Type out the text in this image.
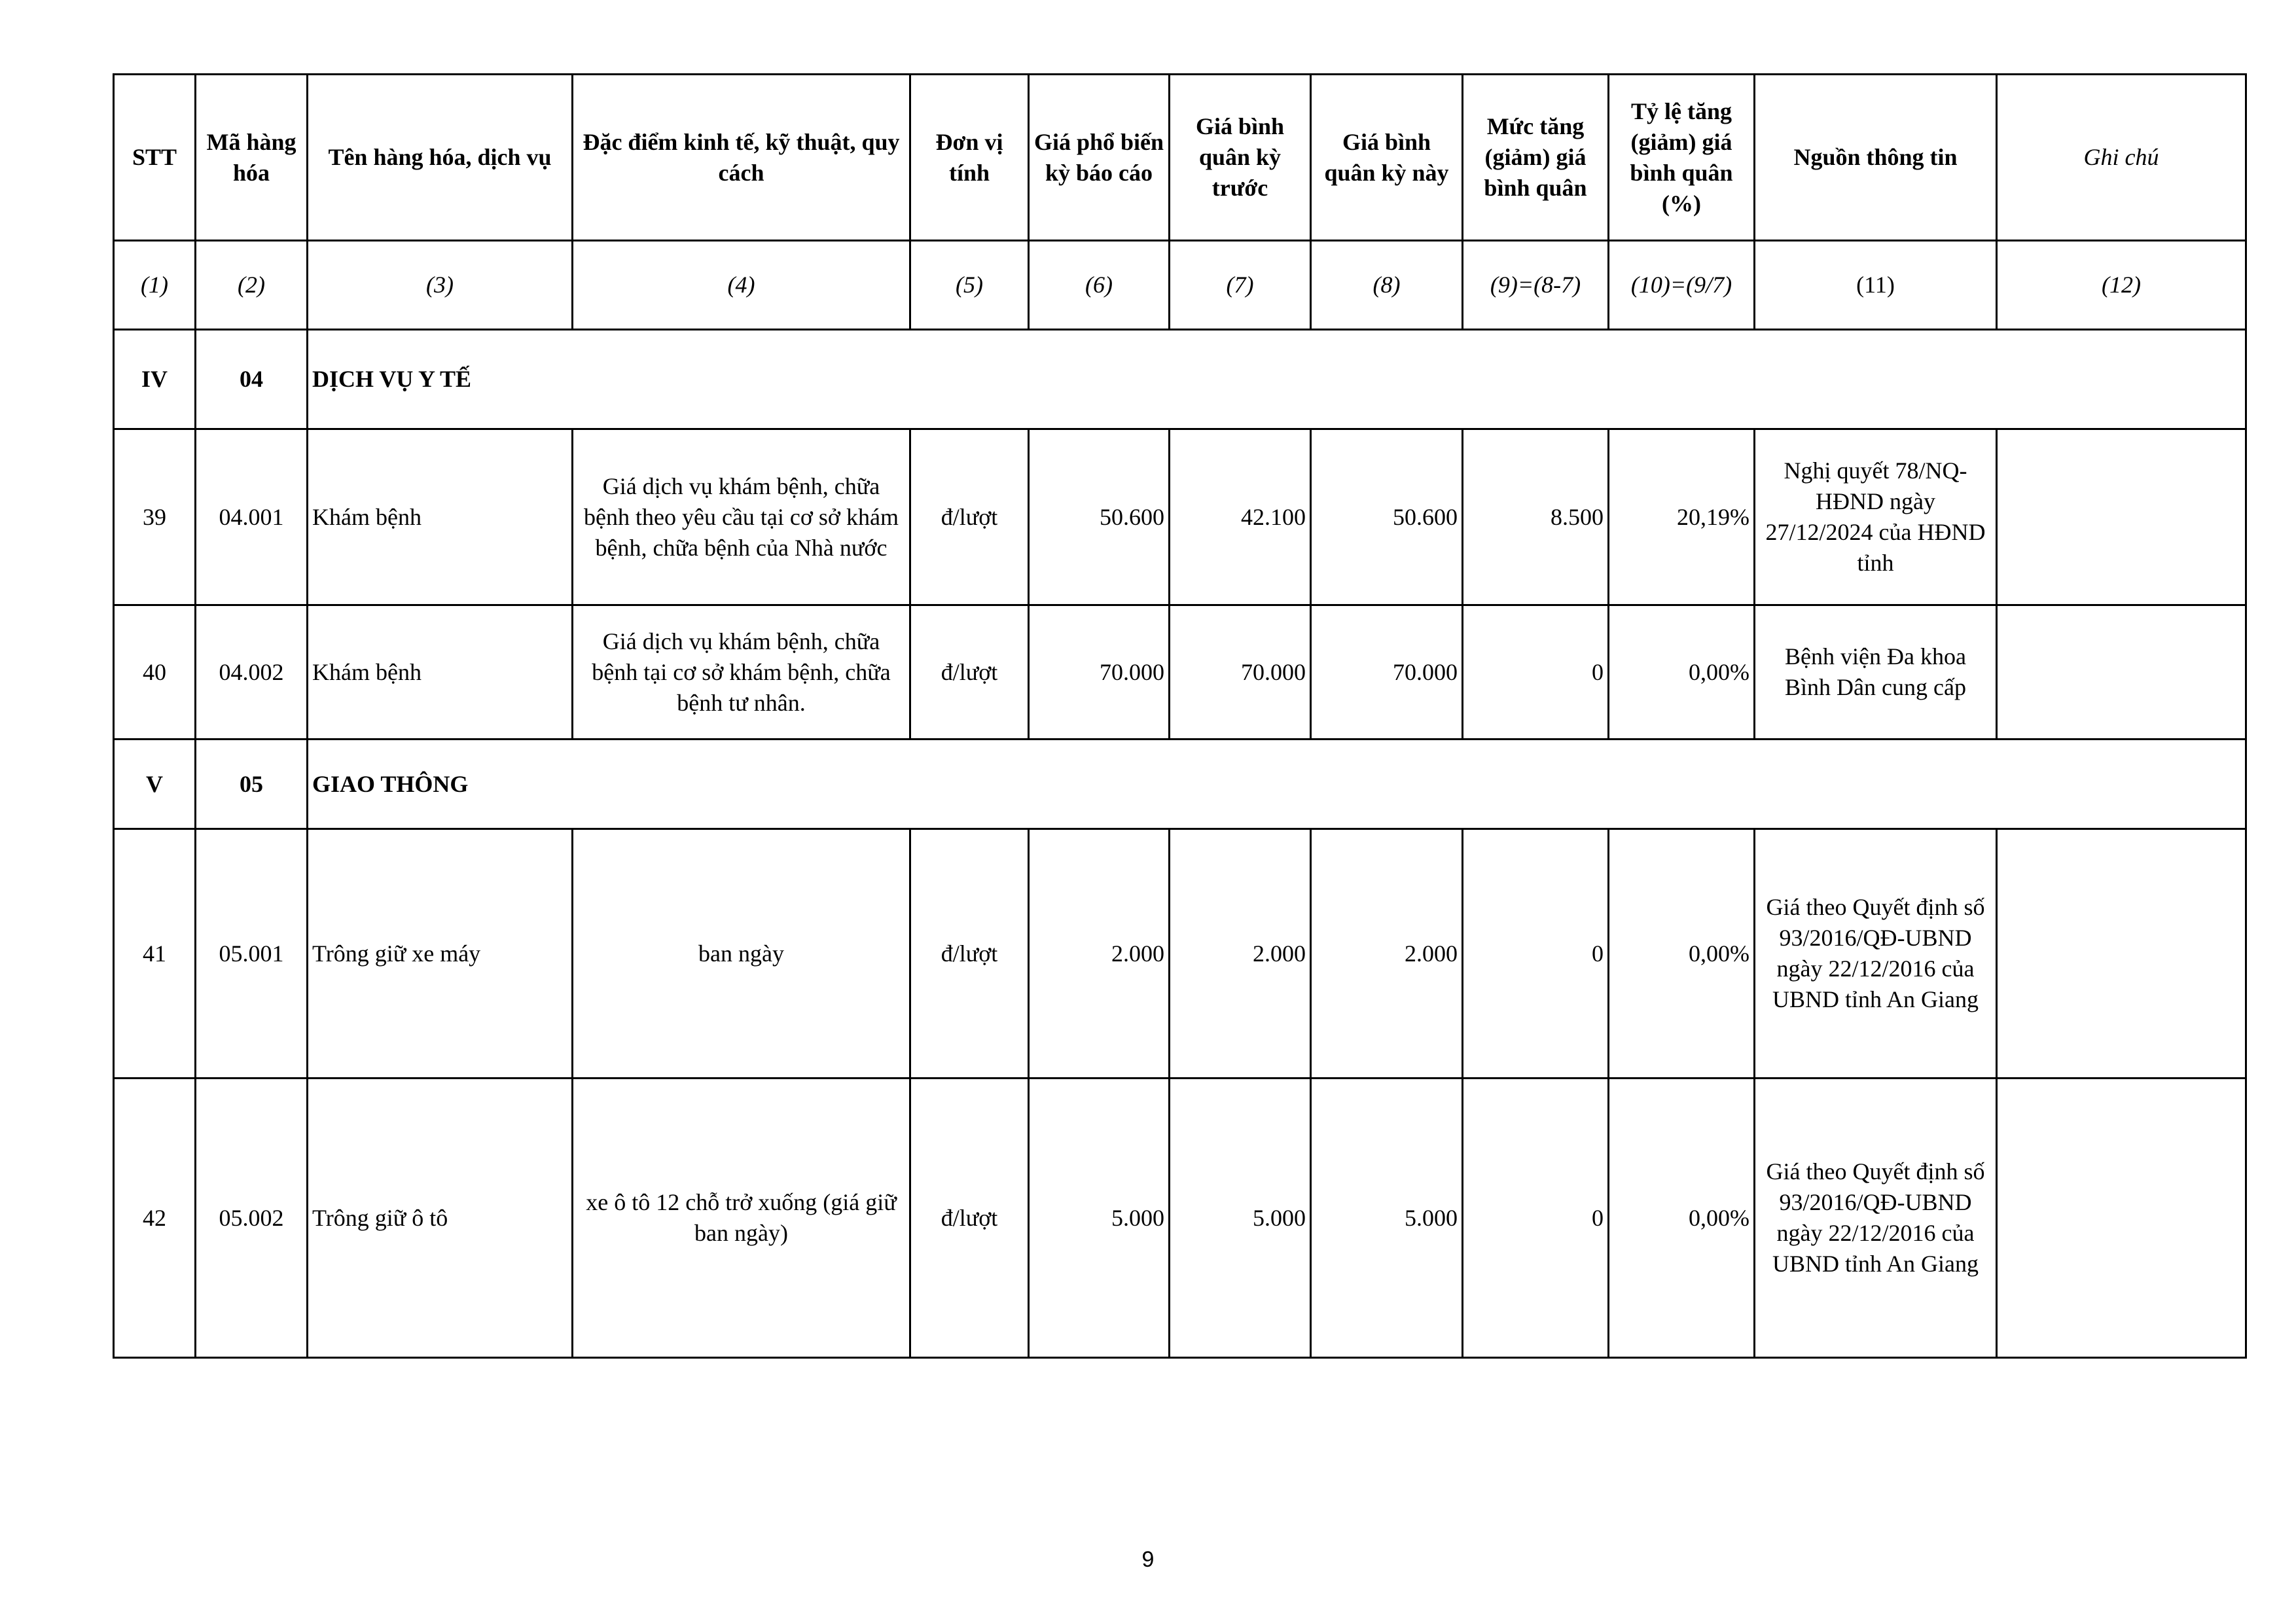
STT	Mã hàng hóa	Tên hàng hóa, dịch vụ	Đặc điểm kinh tế, kỹ thuật, quy cách	Đơn vị tính	Giá phổ biến kỳ báo cáo	Giá bình quân kỳ trước	Giá bình quân kỳ này	Mức tăng (giảm) giá bình quân	Tỷ lệ tăng (giảm) giá bình quân (%)	Nguồn thông tin	Ghi chú
(1)	(2)	(3)	(4)	(5)	(6)	(7)	(8)	(9)=(8-7)	(10)=(9/7)	(11)	(12)
IV	04	DỊCH VỤ Y TẾ									
39	04.001	Khám bệnh	Giá dịch vụ khám bệnh, chữa bệnh theo yêu cầu tại cơ sở khám bệnh, chữa bệnh của Nhà nước	đ/lượt	50.600	42.100	50.600	8.500	20,19%	Nghị quyết 78/NQ-HĐND ngày 27/12/2024 của HĐND tỉnh	
40	04.002	Khám bệnh	Giá dịch vụ khám bệnh, chữa bệnh tại cơ sở khám bệnh, chữa bệnh tư nhân.	đ/lượt	70.000	70.000	70.000	0	0,00%	Bệnh viện Đa khoa Bình Dân cung cấp	
V	05	GIAO THÔNG									
41	05.001	Trông giữ xe máy	ban ngày	đ/lượt	2.000	2.000	2.000	0	0,00%	Giá theo Quyết định số 93/2016/QĐ-UBND ngày 22/12/2016 của UBND tỉnh An Giang	
42	05.002	Trông giữ ô tô	xe ô tô 12 chỗ trở xuống (giá giữ ban ngày)	đ/lượt	5.000	5.000	5.000	0	0,00%	Giá theo Quyết định số 93/2016/QĐ-UBND ngày 22/12/2016 của UBND tỉnh An Giang	
9
